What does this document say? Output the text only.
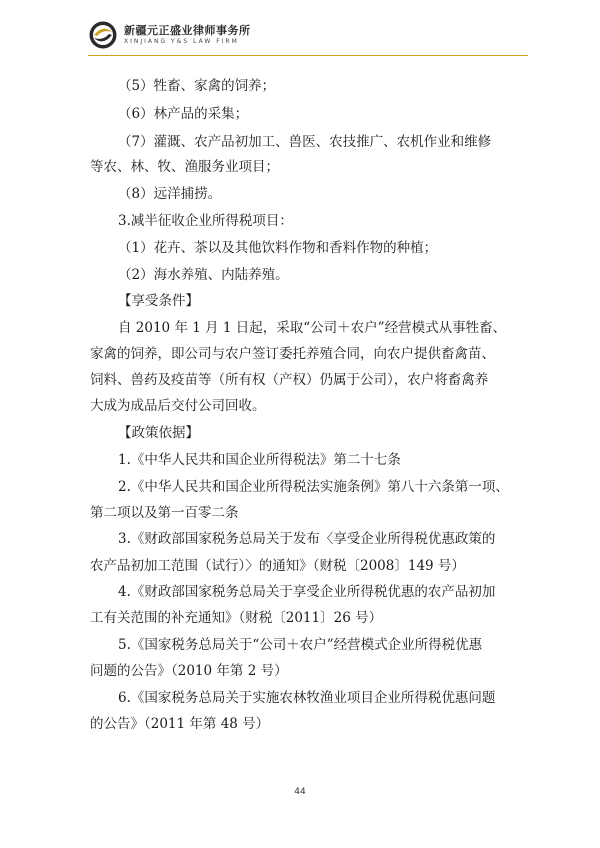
新疆元正盛业律师事务所
XINJIANG Y&S LAW FIRM
（5）牲畜、家禽的饲养；
（6）林产品的采集；
（7）灌溉、农产品初加工、兽医、农技推广、农机作业和维修
等农、林、牧、渔服务业项目；
（8）远洋捕捞。
3.减半征收企业所得税项目：
（1）花卉、茶以及其他饮料作物和香料作物的种植；
（2）海水养殖、内陆养殖。
【享受条件】
自 2010 年 1 月 1 日起，采取“公司＋农户”经营模式从事牲畜、
家禽的饲养，即公司与农户签订委托养殖合同，向农户提供畜禽苗、
饲料、兽药及疫苗等（所有权（产权）仍属于公司），农户将畜禽养
大成为成品后交付公司回收。
【政策依据】
1.《中华人民共和国企业所得税法》第二十七条
2.《中华人民共和国企业所得税法实施条例》第八十六条第一项、
第二项以及第一百零二条
3.《财政部国家税务总局关于发布〈享受企业所得税优惠政策的
农产品初加工范围（试行）〉的通知》（财税〔2008〕149 号）
4.《财政部国家税务总局关于享受企业所得税优惠的农产品初加
工有关范围的补充通知》（财税〔2011〕26 号）
5.《国家税务总局关于“公司＋农户”经营模式企业所得税优惠
问题的公告》（2010 年第 2 号）
6.《国家税务总局关于实施农林牧渔业项目企业所得税优惠问题
的公告》（2011 年第 48 号）
44
